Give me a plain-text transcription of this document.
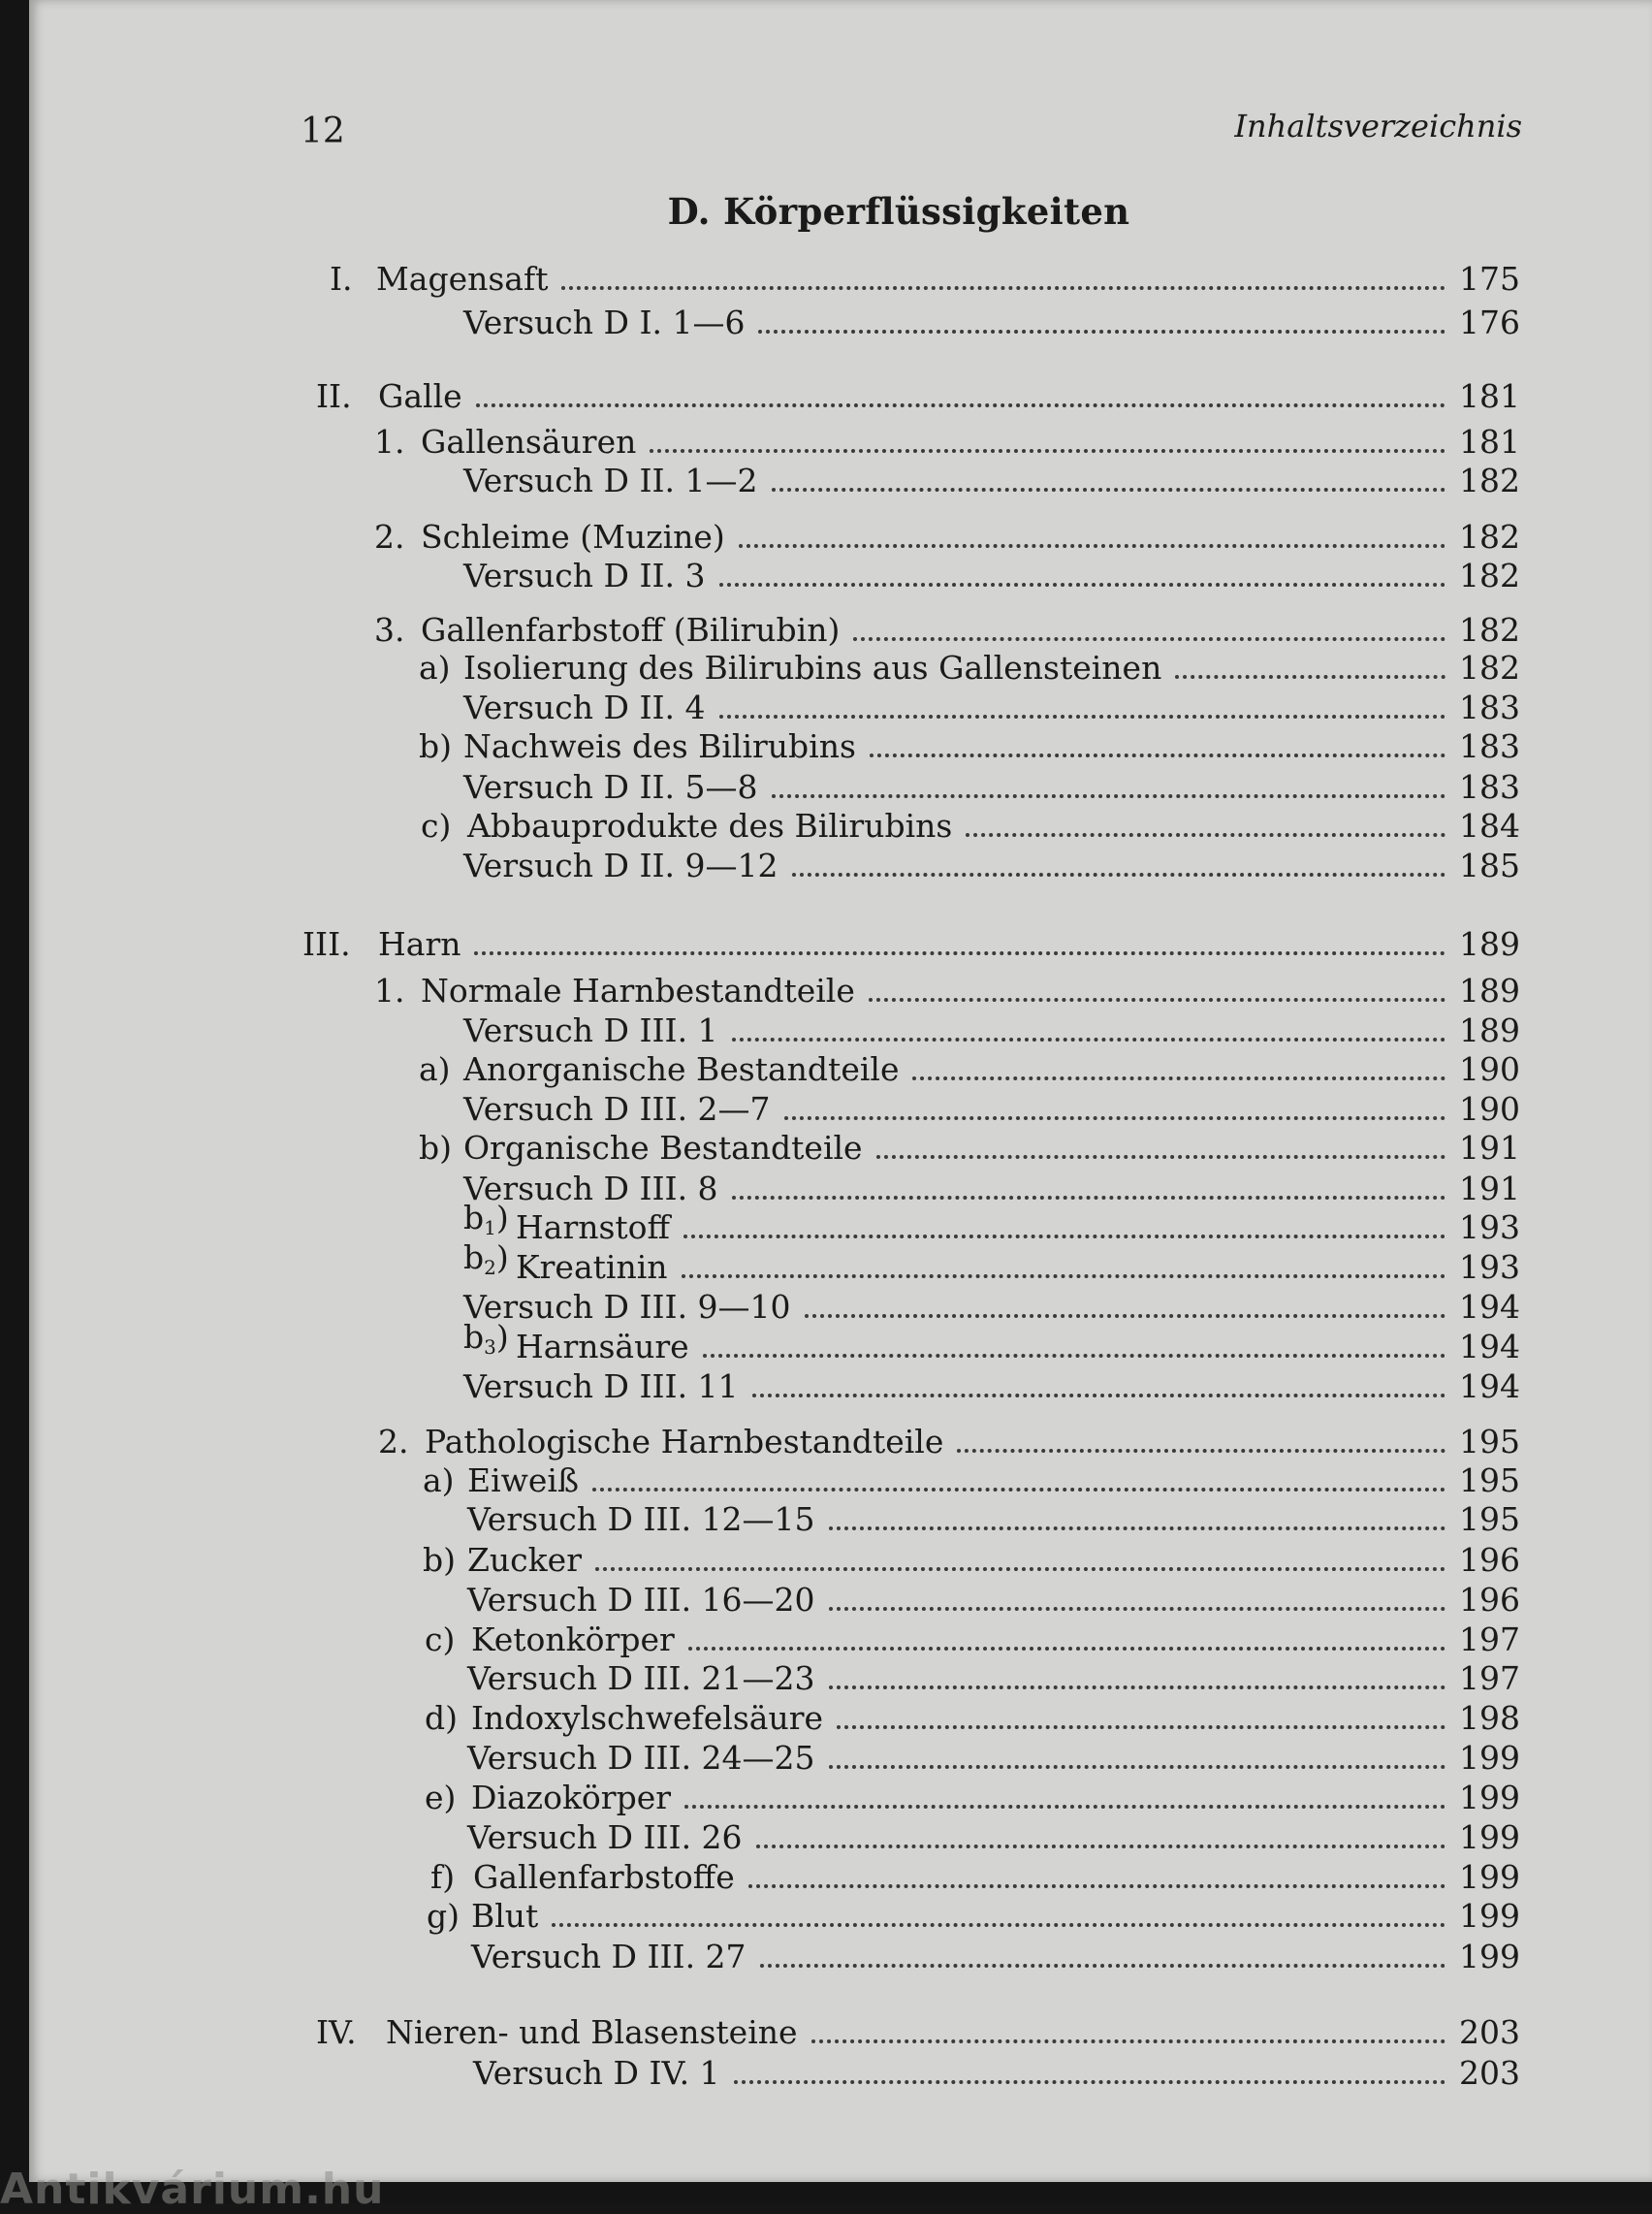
12	Inhaltsverzeichnis
D. Körperflüssigkeiten
I. Magensaft	175
Versuch D I. 1—6	176
II. Galle	181
1. Gallensäuren	181
Versuch D II. 1—2	182
2. Schleime (Muzine)	182
Versuch D II. 3	182
3. Gallenfarbstoff (Bilirubin)	182
a) Isolierung des Bilirubins aus Gallensteinen	182
Versuch D II. 4	183
b) Nachweis des Bilirubins	183
Versuch D II. 5—8	183
c) Abbauprodukte des Bilirubins	184
Versuch D II. 9—12	185
III. Harn	189
1. Normale Harnbestandteile	189
Versuch D III. 1	189
a) Anorganische Bestandteile	190
Versuch D III. 2—7	190
b) Organische Bestandteile	191
Versuch D III. 8	191
$b_1$) Harnstoff	193
$b_2$) Kreatinin	193
Versuch D III. 9—10	194
$b_3$) Harnsäure	194
Versuch D III. 11	194
2. Pathologische Harnbestandteile	195
a) Eiweiß	195
Versuch D III. 12—15	195
b) Zucker	196
Versuch D III. 16—20	196
c) Ketonkörper	197
Versuch D III. 21—23	197
d) Indoxylschwefelsäure	198
Versuch D III. 24—25	199
e) Diazokörper	199
Versuch D III. 26	199
f) Gallenfarbstoffe	199
g) Blut	199
Versuch D III. 27	199
IV. Nieren- und Blasensteine	203
Versuch D IV. 1	203
Antikvárium.hu
